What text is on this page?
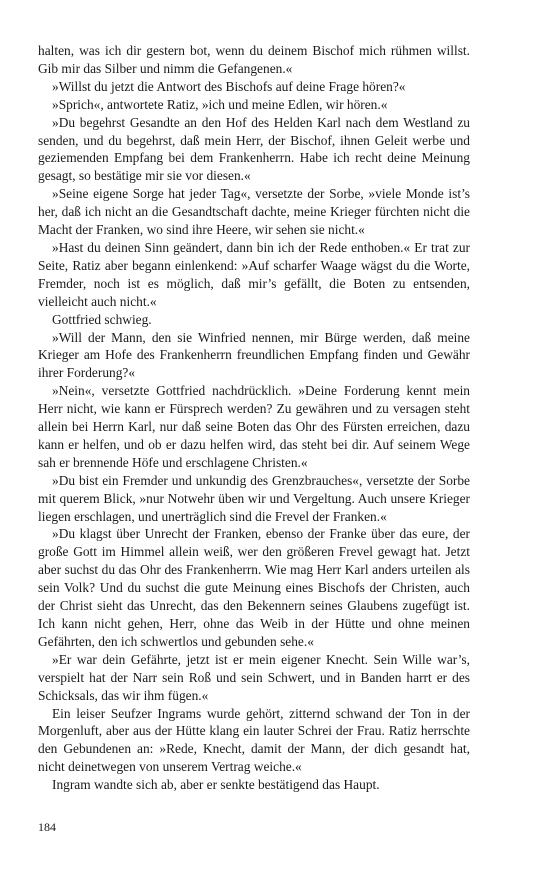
halten, was ich dir gestern bot, wenn du deinem Bischof mich rühmen willst. Gib mir das Silber und nimm die Gefangenen.«

»Willst du jetzt die Antwort des Bischofs auf deine Frage hören?«

»Sprich«, antwortete Ratiz, »ich und meine Edlen, wir hören.«

»Du begehrst Gesandte an den Hof des Helden Karl nach dem Westland zu senden, und du begehrst, daß mein Herr, der Bischof, ihnen Geleit werbe und geziemenden Empfang bei dem Frankenherrn. Habe ich recht deine Meinung gesagt, so bestätige mir sie vor diesen.«

»Seine eigene Sorge hat jeder Tag«, versetzte der Sorbe, »viele Monde ist’s her, daß ich nicht an die Gesandtschaft dachte, meine Krieger fürchten nicht die Macht der Franken, wo sind ihre Heere, wir sehen sie nicht.«

»Hast du deinen Sinn geändert, dann bin ich der Rede enthoben.« Er trat zur Seite, Ratiz aber begann einlenkend: »Auf scharfer Waage wägst du die Worte, Fremder, noch ist es möglich, daß mir’s gefällt, die Boten zu entsenden, vielleicht auch nicht.«

Gottfried schwieg.

»Will der Mann, den sie Winfried nennen, mir Bürge werden, daß meine Krieger am Hofe des Frankenherrn freundlichen Empfang finden und Gewähr ihrer Forderung?«

»Nein«, versetzte Gottfried nachdrücklich. »Deine Forderung kennt mein Herr nicht, wie kann er Fürsprech werden? Zu gewähren und zu versagen steht allein bei Herrn Karl, nur daß seine Boten das Ohr des Fürsten erreichen, dazu kann er helfen, und ob er dazu helfen wird, das steht bei dir. Auf seinem Wege sah er brennende Höfe und erschlagene Christen.«

»Du bist ein Fremder und unkundig des Grenzbrauches«, versetzte der Sorbe mit querem Blick, »nur Notwehr üben wir und Vergeltung. Auch unsere Krieger liegen erschlagen, und unerträglich sind die Frevel der Franken.«

»Du klagst über Unrecht der Franken, ebenso der Franke über das eure, der große Gott im Himmel allein weiß, wer den größeren Frevel gewagt hat. Jetzt aber suchst du das Ohr des Frankenherrn. Wie mag Herr Karl anders urteilen als sein Volk? Und du suchst die gute Meinung eines Bischofs der Christen, auch der Christ sieht das Unrecht, das den Bekennern seines Glaubens zugefügt ist. Ich kann nicht gehen, Herr, ohne das Weib in der Hütte und ohne meinen Gefährten, den ich schwertlos und gebunden sehe.«

»Er war dein Gefährte, jetzt ist er mein eigener Knecht. Sein Wille war’s, verspielt hat der Narr sein Roß und sein Schwert, und in Banden harrt er des Schicksals, das wir ihm fügen.«

Ein leiser Seufzer Ingrams wurde gehört, zitternd schwand der Ton in der Morgenluft, aber aus der Hütte klang ein lauter Schrei der Frau. Ratiz herrschte den Gebundenen an: »Rede, Knecht, damit der Mann, der dich gesandt hat, nicht deinetwegen von unserem Vertrag weiche.«

Ingram wandte sich ab, aber er senkte bestätigend das Haupt.

184
